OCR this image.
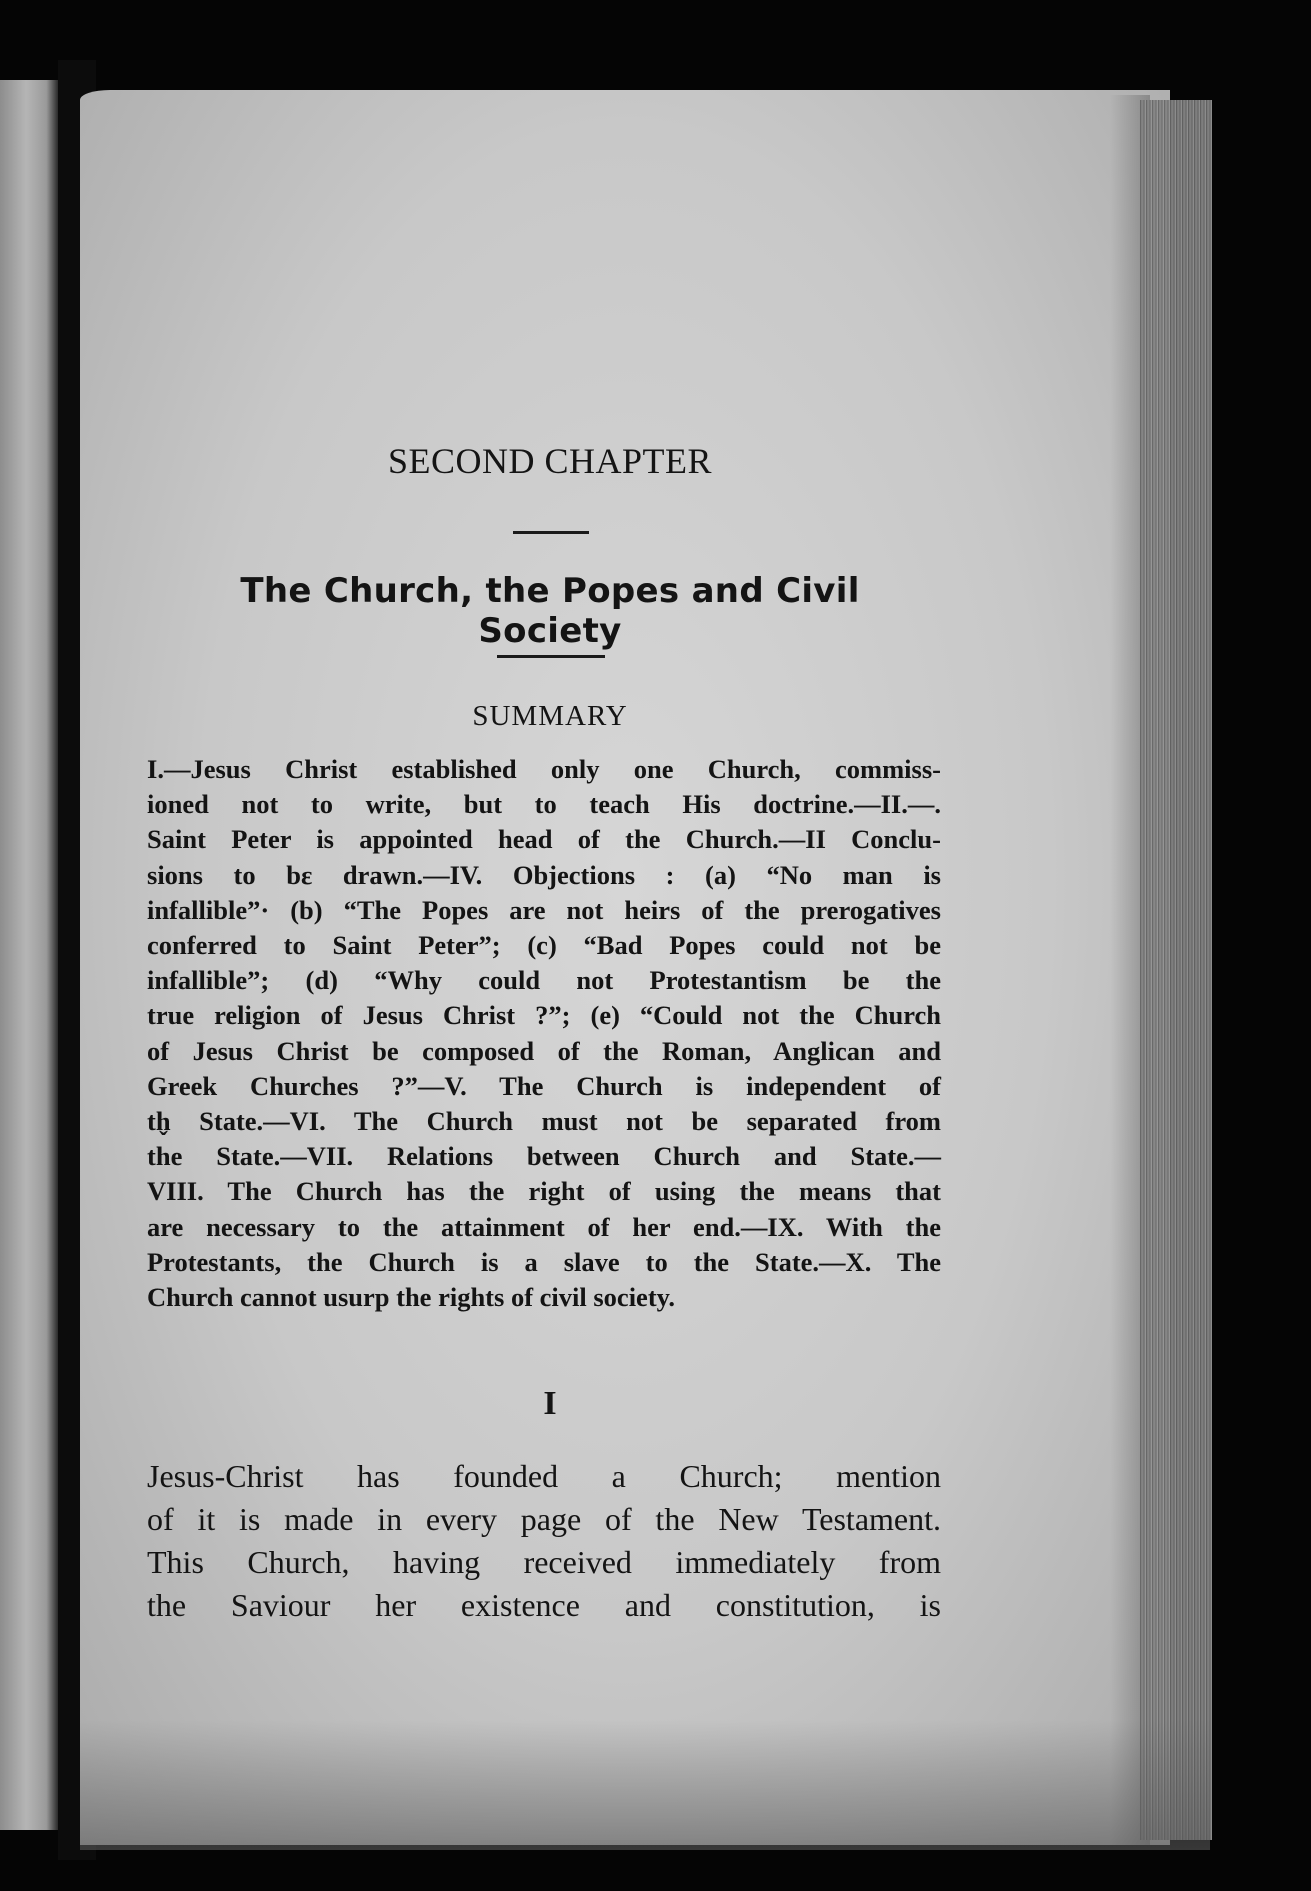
SECOND CHAPTER
The Church, the Popes and Civil Society
SUMMARY
I.—Jesus Christ established only one Church, commiss-
ioned not to write, but to teach His doctrine.—II.—.
Saint Peter is appointed head of the Church.—II Conclu-
sions to bε drawn.—IV. Objections : (a) “No man is
infallible”· (b) “The Popes are not heirs of the prerogatives
conferred to Saint Peter”; (c) “Bad Popes could not be
infallible”; (d) “Why could not Protestantism be the
true religion of Jesus Christ ?”; (e) “Could not the Church
of Jesus Christ be composed of the Roman, Anglican and
Greek Churches ?”—V. The Church is independent of
th̬ State.—VI. The Church must not be separated from
the State.—VII. Relations between Church and State.—
VIII. The Church has the right of using the means that
are necessary to the attainment of her end.—IX. With the
Protestants, the Church is a slave to the State.—X. The
Church cannot usurp the rights of civil society.
I
Jesus-Christ has founded a Church; mention
of it is made in every page of the New Testament.
This Church, having received immediately from
the Saviour her existence and constitution, is
